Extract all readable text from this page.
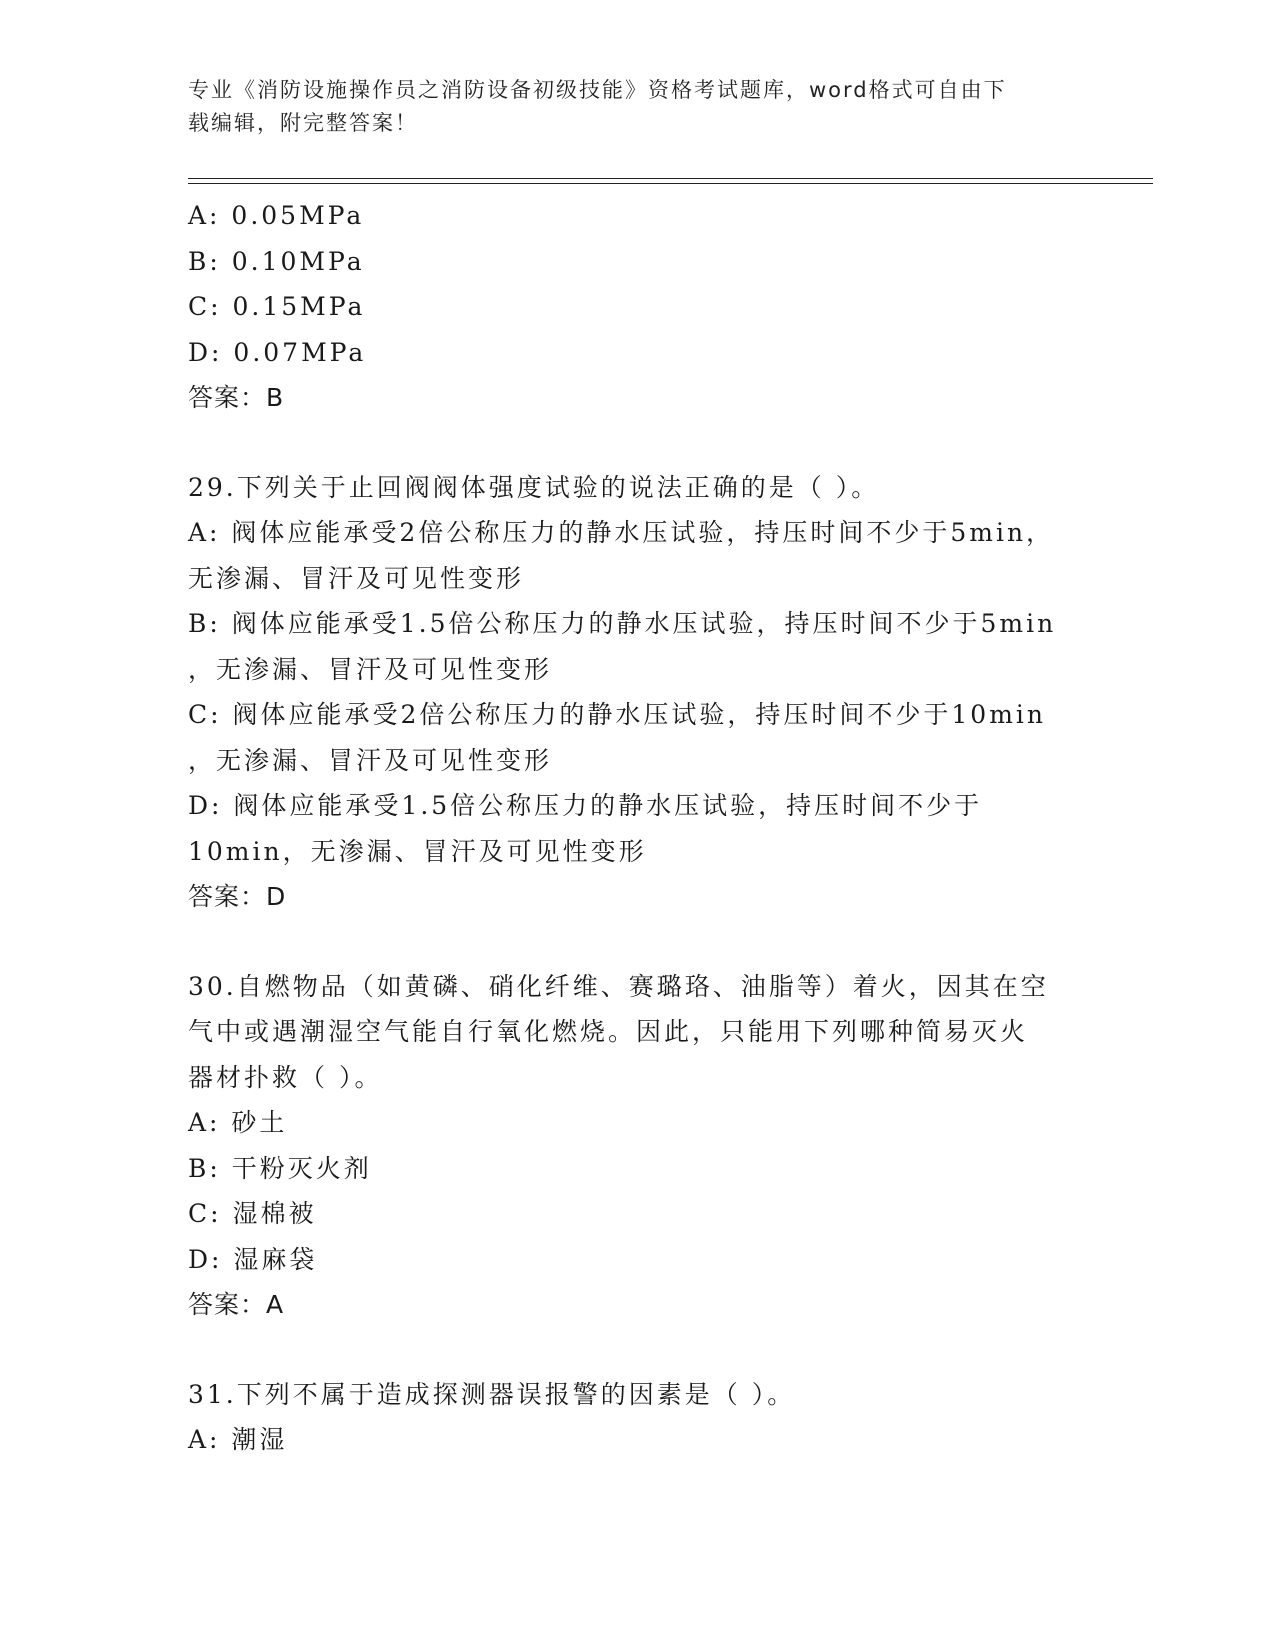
专业《消防设施操作员之消防设备初级技能》资格考试题库，word格式可自由下
载编辑，附完整答案！
A: 0.05MPa
B: 0.10MPa
C: 0.15MPa
D: 0.07MPa
答案：B
29.下列关于止回阀阀体强度试验的说法正确的是（ ）。
A: 阀体应能承受2倍公称压力的静水压试验，持压时间不少于5min，
无渗漏、冒汗及可见性变形
B: 阀体应能承受1.5倍公称压力的静水压试验，持压时间不少于5min
，无渗漏、冒汗及可见性变形
C: 阀体应能承受2倍公称压力的静水压试验，持压时间不少于10min
，无渗漏、冒汗及可见性变形
D: 阀体应能承受1.5倍公称压力的静水压试验，持压时间不少于
10min，无渗漏、冒汗及可见性变形
答案：D
30.自燃物品（如黄磷、硝化纤维、赛璐珞、油脂等）着火，因其在空
气中或遇潮湿空气能自行氧化燃烧。因此，只能用下列哪种简易灭火
器材扑救（ ）。
A: 砂土
B: 干粉灭火剂
C: 湿棉被
D: 湿麻袋
答案：A
31.下列不属于造成探测器误报警的因素是（ ）。
A: 潮湿
